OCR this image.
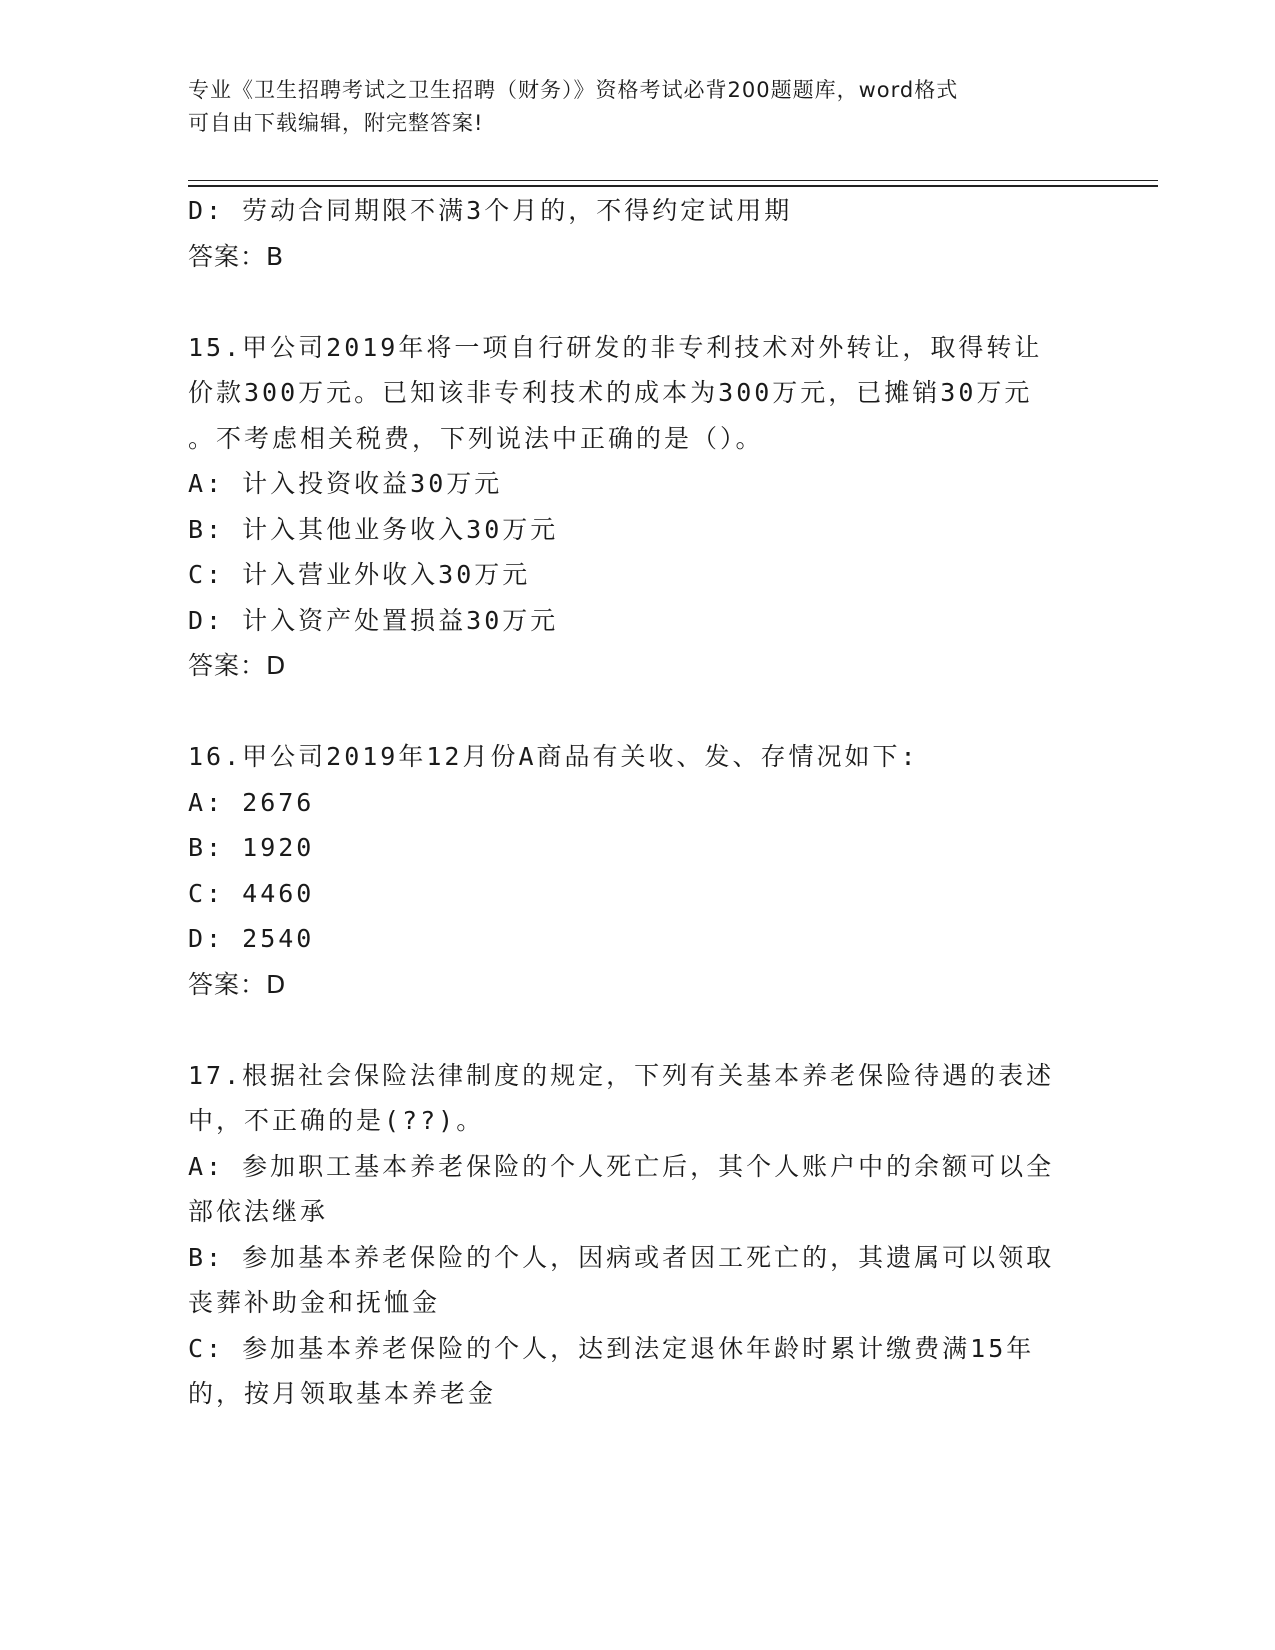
专业《卫生招聘考试之卫生招聘（财务）》资格考试必背200题题库，word格式
可自由下载编辑，附完整答案!
D: 劳动合同期限不满3个月的，不得约定试用期
答案：B
15.甲公司2019年将一项自行研发的非专利技术对外转让，取得转让
价款300万元。已知该非专利技术的成本为300万元，已摊销30万元
。不考虑相关税费，下列说法中正确的是（）。
A: 计入投资收益30万元
B: 计入其他业务收入30万元
C: 计入营业外收入30万元
D: 计入资产处置损益30万元
答案：D
16.甲公司2019年12月份A商品有关收、发、存情况如下:
A: 2676
B: 1920
C: 4460
D: 2540
答案：D
17.根据社会保险法律制度的规定，下列有关基本养老保险待遇的表述
中，不正确的是(??)。
A: 参加职工基本养老保险的个人死亡后，其个人账户中的余额可以全
部依法继承
B: 参加基本养老保险的个人，因病或者因工死亡的，其遗属可以领取
丧葬补助金和抚恤金
C: 参加基本养老保险的个人，达到法定退休年龄时累计缴费满15年
的，按月领取基本养老金
